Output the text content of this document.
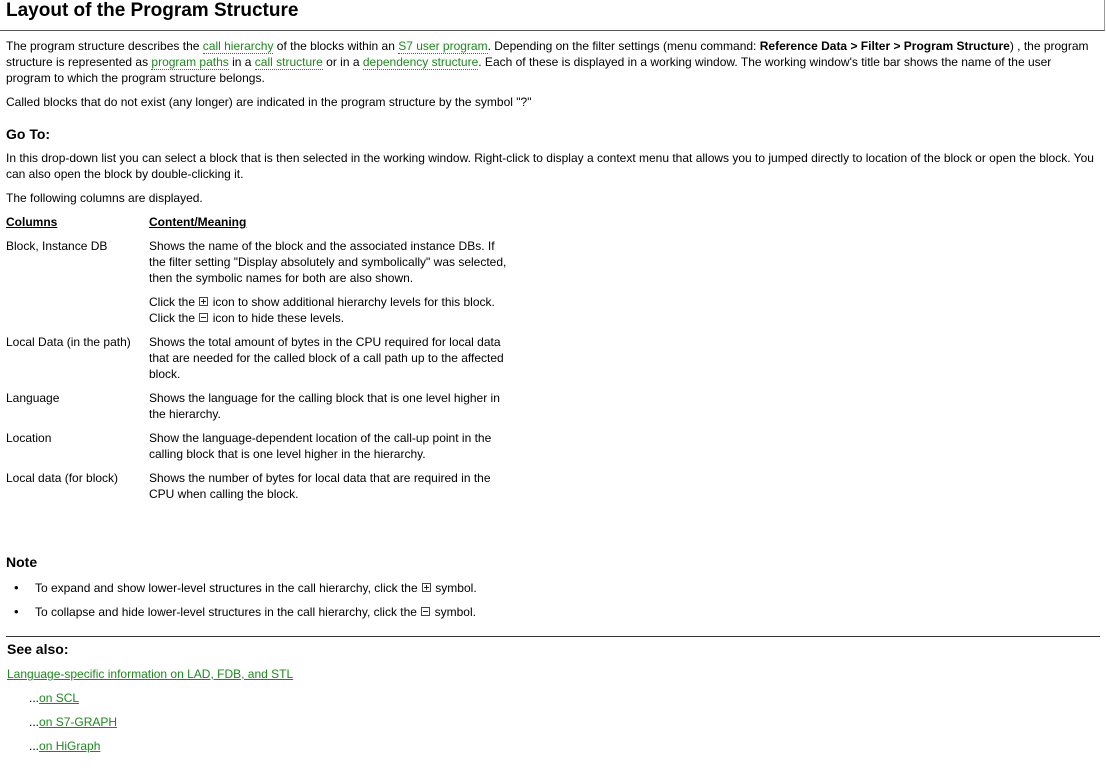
Layout of the Program Structure

The program structure describes the call hierarchy of the blocks within an S7 user program. Depending on the filter settings (menu command: Reference Data > Filter > Program Structure) , the program structure is represented as program paths in a call structure or in a dependency structure. Each of these is displayed in a working window. The working window's title bar shows the name of the user program to which the program structure belongs.

Called blocks that do not exist (any longer) are indicated in the program structure by the symbol "?"

Go To:

In this drop-down list you can select a block that is then selected in the working window. Right-click to display a context menu that allows you to jumped directly to location of the block or open the block. You can also open the block by double-clicking it.

The following columns are displayed.

Columns	Content/Meaning
Block, Instance DB	Shows the name of the block and the associated instance DBs. If the filter setting "Display absolutely and symbolically" was selected, then the symbolic names for both are also shown.
Click the  icon to show additional hierarchy levels for this block. Click the  icon to hide these levels.

Local Data (in the path)	Shows the total amount of bytes in the CPU required for local data that are needed for the called block of a call path up to the affected block.
Language	Shows the language for the calling block that is one level higher in the hierarchy.
Location	Show the language-dependent location of the call-up point in the calling block that is one level higher in the hierarchy.
Local data (for block)	Shows the number of bytes for local data that are required in the CPU when calling the block.
Note
• To expand and show lower-level structures in the call hierarchy, click the  symbol.
• To collapse and hide lower-level structures in the call hierarchy, click the  symbol.
See also:
Language-specific information on LAD, FDB, and STL
...on SCL
...on S7-GRAPH
...on HiGraph
